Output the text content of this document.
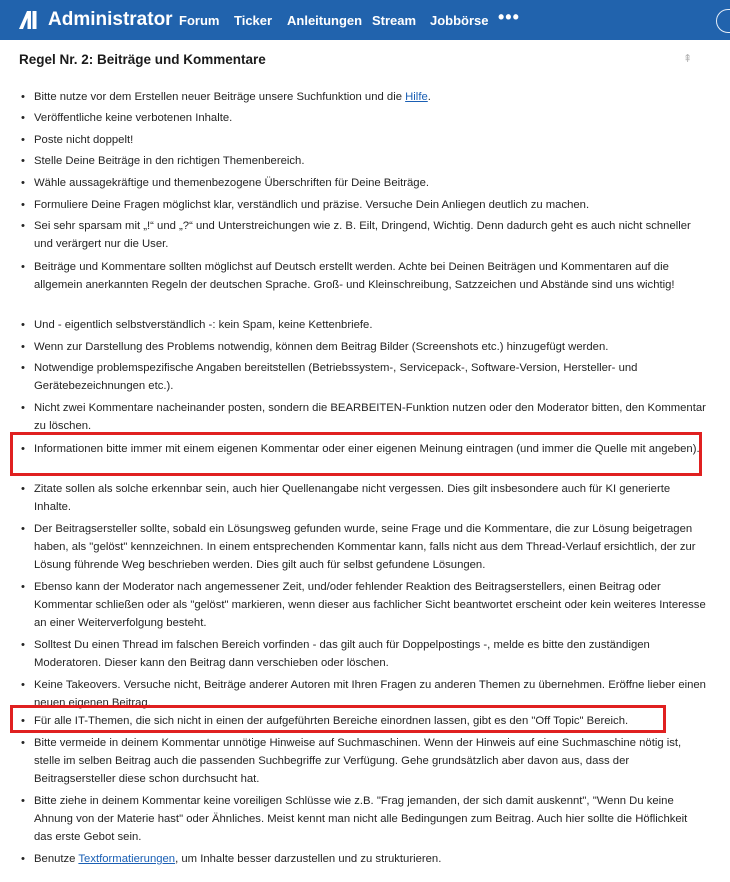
Administrator Forum Ticker Anleitungen Stream Jobbörse •••
Regel Nr. 2: Beiträge und Kommentare	⇞
• Bitte nutze vor dem Erstellen neuer Beiträge unsere Suchfunktion und die Hilfe.
• Veröffentliche keine verbotenen Inhalte.
• Poste nicht doppelt!
• Stelle Deine Beiträge in den richtigen Themenbereich.
• Wähle aussagekräftige und themenbezogene Überschriften für Deine Beiträge.
• Formuliere Deine Fragen möglichst klar, verständlich und präzise. Versuche Dein Anliegen deutlich zu machen.
• Sei sehr sparsam mit „!“ und „?“ und Unterstreichungen wie z. B. Eilt, Dringend, Wichtig. Denn dadurch geht es auch nicht schneller und verärgert nur die User.
• Beiträge und Kommentare sollten möglichst auf Deutsch erstellt werden. Achte bei Deinen Beiträgen und Kommentaren auf die allgemein anerkannten Regeln der deutschen Sprache. Groß- und Kleinschreibung, Satzzeichen und Abstände sind uns wichtig!
• Und - eigentlich selbstverständlich -: kein Spam, keine Kettenbriefe.
• Wenn zur Darstellung des Problems notwendig, können dem Beitrag Bilder (Screenshots etc.) hinzugefügt werden.
• Notwendige problemspezifische Angaben bereitstellen (Betriebssystem-, Servicepack-, Software-Version, Hersteller- und Gerätebezeichnungen etc.).
• Nicht zwei Kommentare nacheinander posten, sondern die BEARBEITEN-Funktion nutzen oder den Moderator bitten, den Kommentar zu löschen.
• Informationen bitte immer mit einem eigenen Kommentar oder einer eigenen Meinung eintragen (und immer die Quelle mit angeben).
• Zitate sollen als solche erkennbar sein, auch hier Quellenangabe nicht vergessen. Dies gilt insbesondere auch für KI generierte Inhalte.
• Der Beitragsersteller sollte, sobald ein Lösungsweg gefunden wurde, seine Frage und die Kommentare, die zur Lösung beigetragen haben, als "gelöst" kennzeichnen. In einem entsprechenden Kommentar kann, falls nicht aus dem Thread-Verlauf ersichtlich, der zur Lösung führende Weg beschrieben werden. Dies gilt auch für selbst gefundene Lösungen.
• Ebenso kann der Moderator nach angemessener Zeit, und/oder fehlender Reaktion des Beitragserstellers, einen Beitrag oder Kommentar schließen oder als "gelöst" markieren, wenn dieser aus fachlicher Sicht beantwortet erscheint oder kein weiteres Interesse an einer Weiterverfolgung besteht.
• Solltest Du einen Thread im falschen Bereich vorfinden - das gilt auch für Doppelpostings -, melde es bitte den zuständigen Moderatoren. Dieser kann den Beitrag dann verschieben oder löschen.
• Keine Takeovers. Versuche nicht, Beiträge anderer Autoren mit Ihren Fragen zu anderen Themen zu übernehmen. Eröffne lieber einen neuen eigenen Beitrag.
• Für alle IT-Themen, die sich nicht in einen der aufgeführten Bereiche einordnen lassen, gibt es den "Off Topic" Bereich.
• Bitte vermeide in deinem Kommentar unnötige Hinweise auf Suchmaschinen. Wenn der Hinweis auf eine Suchmaschine nötig ist, stelle im selben Beitrag auch die passenden Suchbegriffe zur Verfügung. Gehe grundsätzlich aber davon aus, dass der Beitragsersteller diese schon durchsucht hat.
• Bitte ziehe in deinem Kommentar keine voreiligen Schlüsse wie z.B. "Frag jemanden, der sich damit auskennt", "Wenn Du keine Ahnung von der Materie hast" oder Ähnliches. Meist kennt man nicht alle Bedingungen zum Beitrag. Auch hier sollte die Höflichkeit das erste Gebot sein.
• Benutze Textformatierungen, um Inhalte besser darzustellen und zu strukturieren.
